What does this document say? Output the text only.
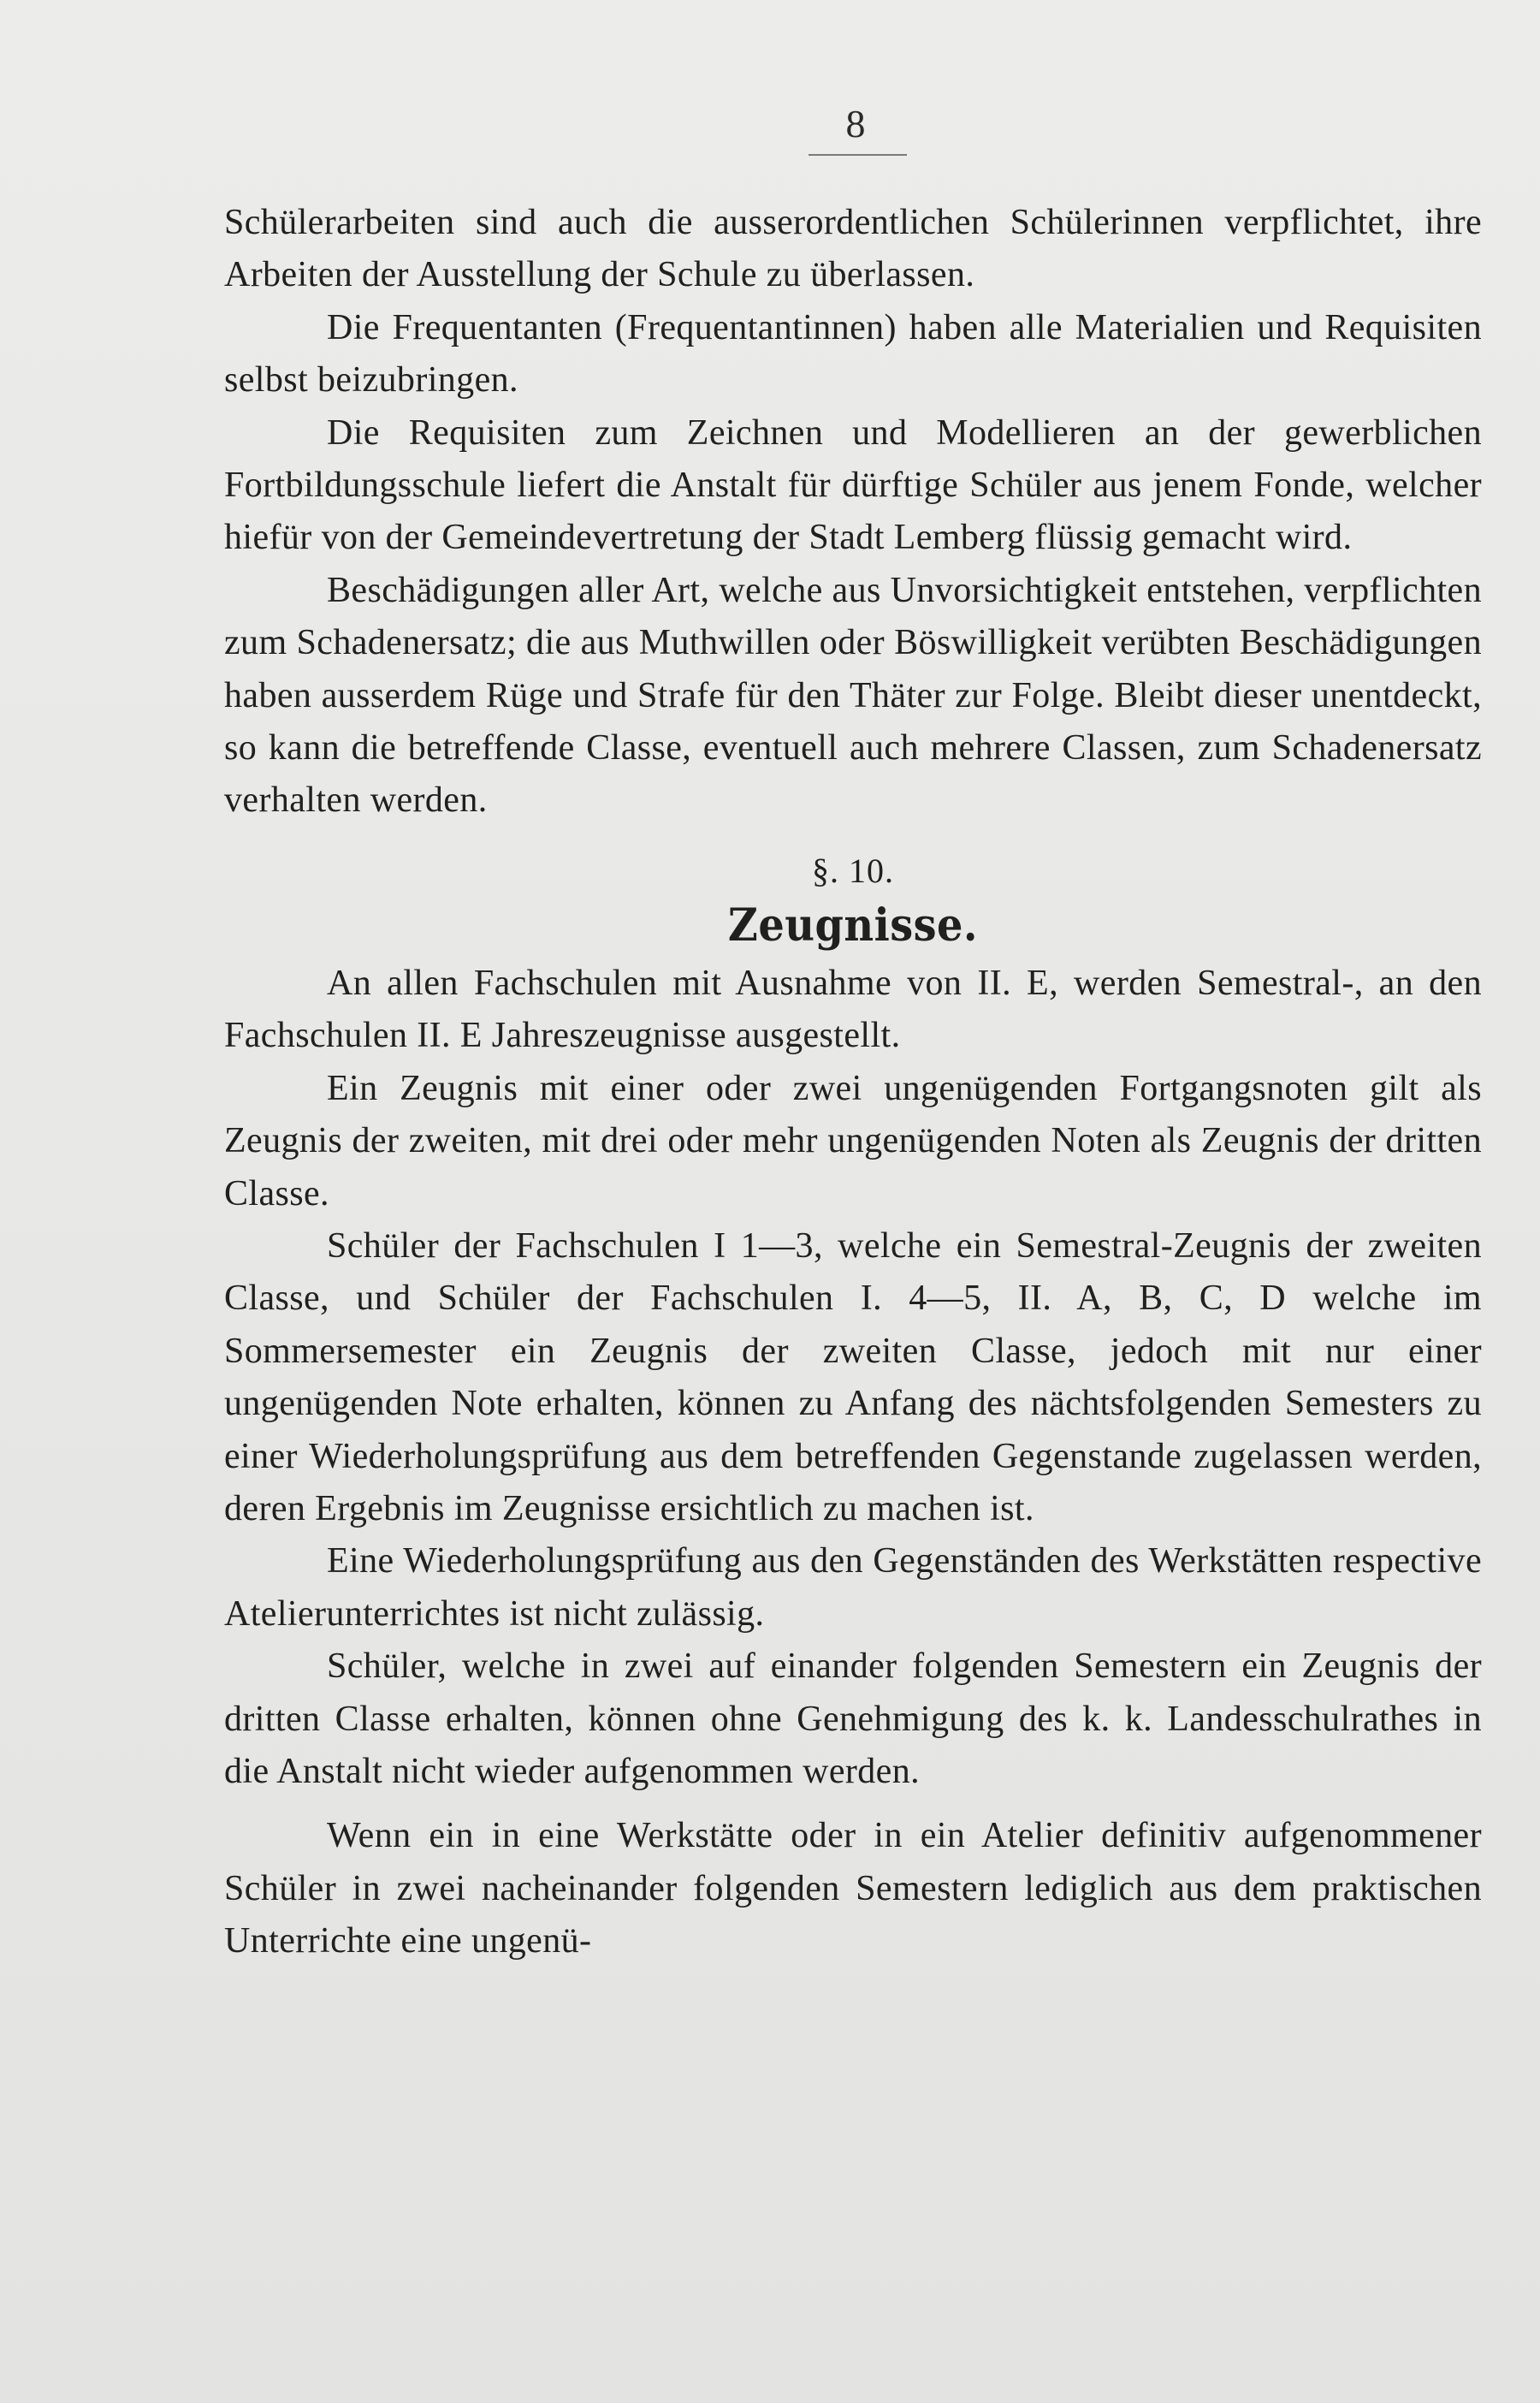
8

Schülerarbeiten sind auch die ausserordentlichen Schülerinnen verpflichtet, ihre Arbeiten der Ausstellung der Schule zu überlassen.

Die Frequentanten (Frequentantinnen) haben alle Materialien und Requisiten selbst beizubringen.

Die Requisiten zum Zeichnen und Modellieren an der gewerblichen Fortbildungsschule liefert die Anstalt für dürftige Schüler aus jenem Fonde, welcher hiefür von der Gemeindevertretung der Stadt Lemberg flüssig gemacht wird.

Beschädigungen aller Art, welche aus Unvorsichtigkeit entstehen, verpflichten zum Schadenersatz; die aus Muthwillen oder Böswilligkeit verübten Beschädigungen haben ausserdem Rüge und Strafe für den Thäter zur Folge. Bleibt dieser unentdeckt, so kann die betreffende Classe, eventuell auch mehrere Classen, zum Schadenersatz verhalten werden.

§. 10.
Zeugnisse.

An allen Fachschulen mit Ausnahme von II. E, werden Semestral-, an den Fachschulen II. E Jahreszeugnisse ausgestellt.

Ein Zeugnis mit einer oder zwei ungenügenden Fortgangsnoten gilt als Zeugnis der zweiten, mit drei oder mehr ungenügenden Noten als Zeugnis der dritten Classe.

Schüler der Fachschulen I 1—3, welche ein Semestral-Zeugnis der zweiten Classe, und Schüler der Fachschulen I. 4—5, II. A, B, C, D welche im Sommersemester ein Zeugnis der zweiten Classe, jedoch mit nur einer ungenügenden Note erhalten, können zu Anfang des nächtsfolgenden Semesters zu einer Wiederholungsprüfung aus dem betreffenden Gegenstande zugelassen werden, deren Ergebnis im Zeugnisse ersichtlich zu machen ist.

Eine Wiederholungsprüfung aus den Gegenständen des Werkstätten respective Atelierunterrichtes ist nicht zulässig.

Schüler, welche in zwei auf einander folgenden Semestern ein Zeugnis der dritten Classe erhalten, können ohne Genehmigung des k. k. Landesschulrathes in die Anstalt nicht wieder aufgenommen werden.

Wenn ein in eine Werkstätte oder in ein Atelier definitiv aufgenommener Schüler in zwei nacheinander folgenden Semestern lediglich aus dem praktischen Unterrichte eine ungenü-
